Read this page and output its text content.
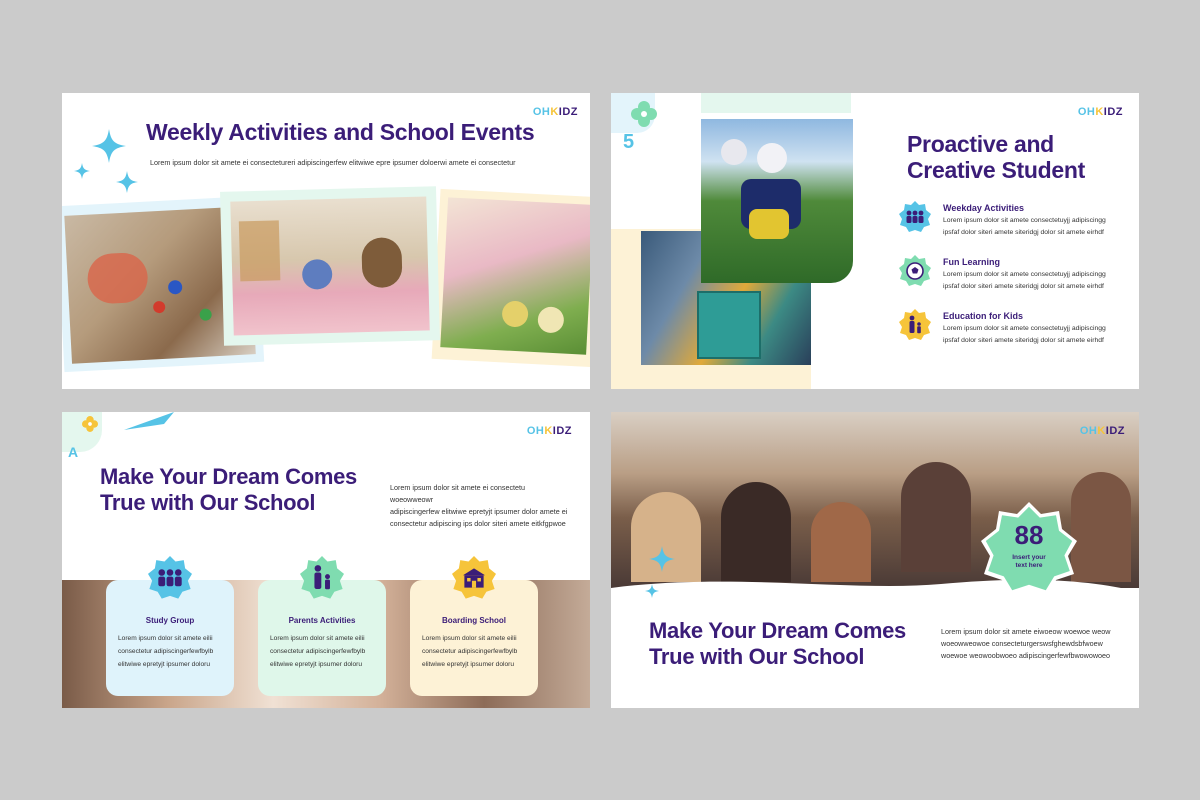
OHKIDZ
Weekly Activities and School Events
Lorem ipsum dolor sit amete ei consectetureri adipiscingerfew elitwiwe epre ipsumer doloerwi amete ei consectetur
OHKIDZ
5	Proactive and
Creative Student
Weekday Activities
Lorem ipsum dolor sit amete consectetuyjj adipiscingg
ipsfaf dolor siteri amete siteridgj dolor sit amete eirhdf
Fun Learning
Lorem ipsum dolor sit amete consectetuyjj adipiscingg
ipsfaf dolor siteri amete siteridgj dolor sit amete eirhdf
Education for Kids
Lorem ipsum dolor sit amete consectetuyjj adipiscingg
ipsfaf dolor siteri amete siteridgj dolor sit amete eirhdf
OHKIDZ
A
Make Your Dream Comes
True with Our School
Lorem ipsum dolor sit amete ei consectetu woeowweowr
adipiscingerfew elitwiwe epretyjt ipsumer dolor amete ei
consectetur adipiscing ips dolor siteri amete eitkfgpwoe
Study Group
Lorem ipsum dolor sit amete eilii
consectetur adipiscingerfewfbylb
elitwiwe epretyjt ipsumer doloru
Parents Activities
Lorem ipsum dolor sit amete eilii
consectetur adipiscingerfewfbylb
elitwiwe epretyjt ipsumer doloru
Boarding School
Lorem ipsum dolor sit amete eilii
consectetur adipiscingerfewfbylb
elitwiwe epretyjt ipsumer doloru
OHKIDZ
88
Insert your
text here
Make Your Dream Comes
True with Our School
Lorem ipsum dolor sit amete eiwoeow woewoe weow
woeowweowoe consecteturgerswsfghewdsbfwoew
woewoe weowoobwoeo adipiscingerfewfbwowowoeo
